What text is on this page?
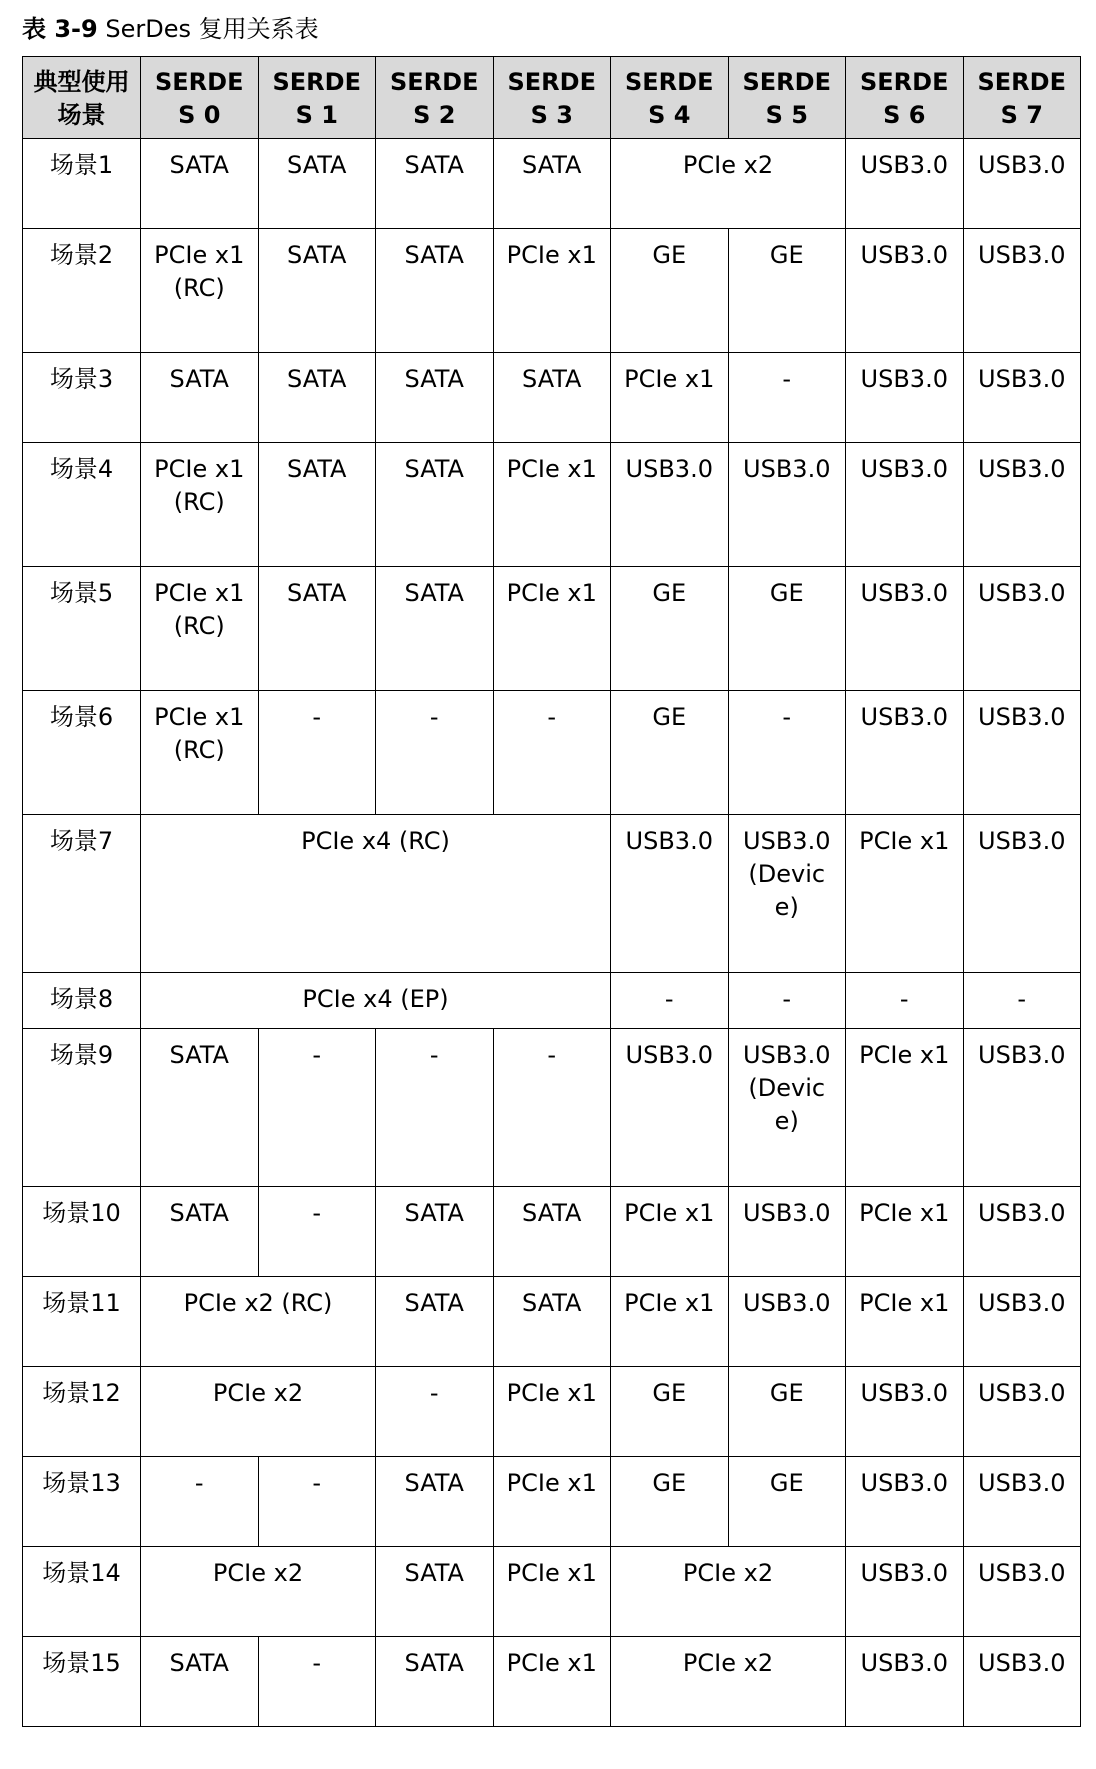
表 3-9 SerDes 复用关系表
典型使用场景	SERDES 0	SERDES 1	SERDES 2	SERDES 3	SERDES 4	SERDES 5	SERDES 6	SERDES 7
场景1	SATA	SATA	SATA	SATA	PCIe x2		USB3.0	USB3.0
场景2	PCIe x1 (RC)	SATA	SATA	PCIe x1	GE	GE	USB3.0	USB3.0
场景3	SATA	SATA	SATA	SATA	PCIe x1	-	USB3.0	USB3.0
场景4	PCIe x1 (RC)	SATA	SATA	PCIe x1	USB3.0	USB3.0	USB3.0	USB3.0
场景5	PCIe x1 (RC)	SATA	SATA	PCIe x1	GE	GE	USB3.0	USB3.0
场景6	PCIe x1 (RC)	-	-	-	GE	-	USB3.0	USB3.0
场景7	PCIe x4 (RC)				USB3.0	USB3.0 (Device)	PCIe x1	USB3.0
场景8	PCIe x4 (EP)				-	-	-	-
场景9	SATA	-	-	-	USB3.0	USB3.0 (Device)	PCIe x1	USB3.0
场景10	SATA	-	SATA	SATA	PCIe x1	USB3.0	PCIe x1	USB3.0
场景11	PCIe x2 (RC)		SATA	SATA	PCIe x1	USB3.0	PCIe x1	USB3.0
场景12	PCIe x2		-	PCIe x1	GE	GE	USB3.0	USB3.0
场景13	-	-	SATA	PCIe x1	GE	GE	USB3.0	USB3.0
场景14	PCIe x2		SATA	PCIe x1	PCIe x2		USB3.0	USB3.0
场景15	SATA	-	SATA	PCIe x1	PCIe x2		USB3.0	USB3.0
